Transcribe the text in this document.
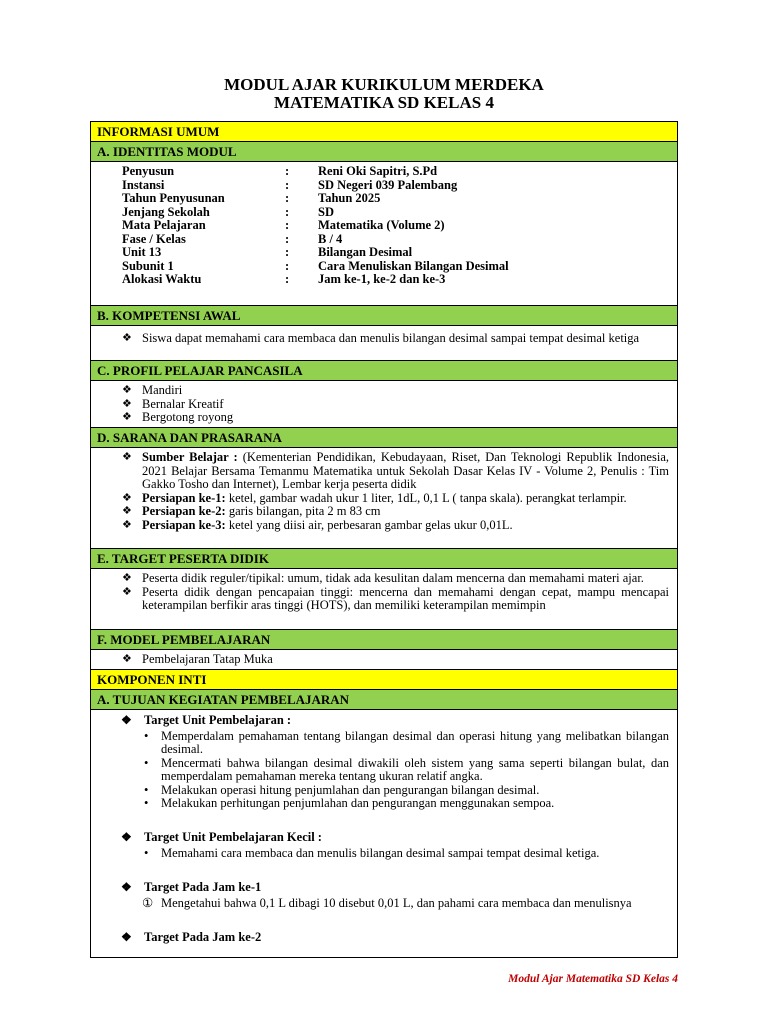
MODUL AJAR KURIKULUM MERDEKA
MATEMATIKA SD KELAS 4
INFORMASI UMUM
A. IDENTITAS MODUL
Penyusun	:	Reni Oki Sapitri, S.Pd
Instansi	:	SD Negeri 039 Palembang
Tahun Penyusunan	:	Tahun 2025
Jenjang Sekolah	:	SD
Mata Pelajaran	:	Matematika (Volume 2)
Fase / Kelas	:	B / 4
Unit 13	:	Bilangan Desimal
Subunit 1	:	Cara Menuliskan Bilangan Desimal
Alokasi Waktu	:	Jam ke-1, ke-2 dan ke-3
B. KOMPETENSI AWAL
❖ Siswa dapat memahami cara membaca dan menulis bilangan desimal sampai tempat desimal ketiga
C. PROFIL PELAJAR PANCASILA
❖ Mandiri
❖ Bernalar Kreatif
❖ Bergotong royong
D. SARANA DAN PRASARANA
❖ Sumber Belajar : (Kementerian Pendidikan, Kebudayaan, Riset, Dan Teknologi Republik Indonesia, 2021 Belajar Bersama Temanmu Matematika untuk Sekolah Dasar Kelas IV - Volume 2, Penulis : Tim Gakko Tosho dan Internet), Lembar kerja peserta didik
❖ Persiapan ke-1: ketel, gambar wadah ukur 1 liter, 1dL, 0,1 L ( tanpa skala). perangkat terlampir.
❖ Persiapan ke-2: garis bilangan, pita 2 m 83 cm
❖ Persiapan ke-3: ketel yang diisi air, perbesaran gambar gelas ukur 0,01L.
E. TARGET PESERTA DIDIK
❖ Peserta didik reguler/tipikal: umum, tidak ada kesulitan dalam mencerna dan memahami materi ajar.
❖ Peserta didik dengan pencapaian tinggi: mencerna dan memahami dengan cepat, mampu mencapai keterampilan berfikir aras tinggi (HOTS), dan memiliki keterampilan memimpin
F. MODEL PEMBELAJARAN
❖ Pembelajaran Tatap Muka
KOMPONEN INTI
A. TUJUAN KEGIATAN PEMBELAJARAN
❖ Target Unit Pembelajaran :
• Memperdalam pemahaman tentang bilangan desimal dan operasi hitung yang melibatkan bilangan desimal.
• Mencermati bahwa bilangan desimal diwakili oleh sistem yang sama seperti bilangan bulat, dan memperdalam pemahaman mereka tentang ukuran relatif angka.
• Melakukan operasi hitung penjumlahan dan pengurangan bilangan desimal.
• Melakukan perhitungan penjumlahan dan pengurangan menggunakan sempoa.
❖ Target Unit Pembelajaran Kecil :
• Memahami cara membaca dan menulis bilangan desimal sampai tempat desimal ketiga.
❖ Target Pada Jam ke-1
① Mengetahui bahwa 0,1 L dibagi 10 disebut 0,01 L, dan pahami cara membaca dan menulisnya
❖ Target Pada Jam ke-2
Modul Ajar Matematika SD Kelas 4
